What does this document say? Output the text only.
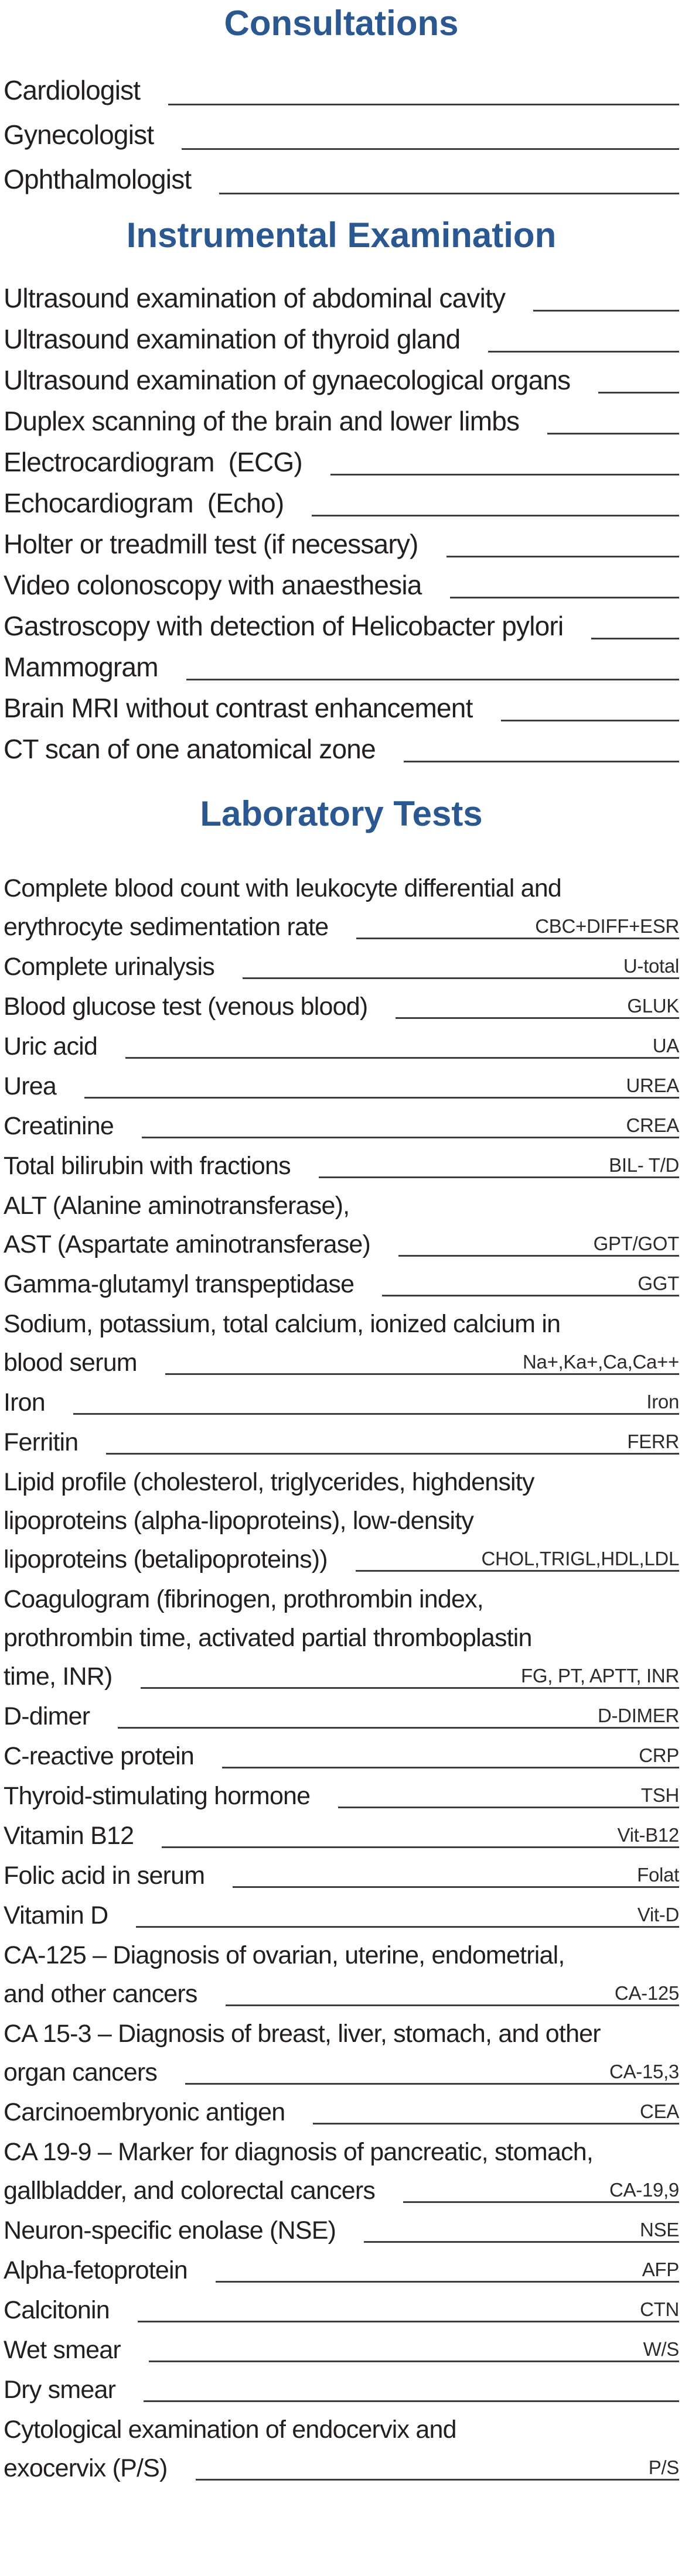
Consultations
Cardiologist
Gynecologist
Ophthalmologist
Instrumental Examination
Ultrasound examination of abdominal cavity
Ultrasound examination of thyroid gland
Ultrasound examination of gynaecological organs
Duplex scanning of the brain and lower limbs
Electrocardiogram  (ECG)
Echocardiogram  (Echo)
Holter or treadmill test (if necessary)
Video colonoscopy with anaesthesia
Gastroscopy with detection of Helicobacter pylori
Mammogram
Brain MRI without contrast enhancement
CT scan of one anatomical zone
Laboratory Tests
Complete blood count with leukocyte differential and
erythrocyte sedimentation rate	CBC+DIFF+ESR
Complete urinalysis	U-total
Blood glucose test (venous blood)	GLUK
Uric acid	UA
Urea	UREA
Creatinine	CREA
Total bilirubin with fractions	BIL- T/D
ALT (Alanine aminotransferase),
AST (Aspartate aminotransferase)	GPT/GOT
Gamma-glutamyl transpeptidase	GGT
Sodium, potassium, total calcium, ionized calcium in
blood serum	Na+,Ka+,Ca,Ca++
Iron	Iron
Ferritin	FERR
Lipid profile (cholesterol, triglycerides, highdensity
lipoproteins (alpha-lipoproteins), low-density
lipoproteins (betalipoproteins))	CHOL,TRIGL,HDL,LDL
Coagulogram (fibrinogen, prothrombin index,
prothrombin time, activated partial thromboplastin
time, INR)	FG, PT, APTT, INR
D-dimer	D-DIMER
C-reactive protein	CRP
Thyroid-stimulating hormone	TSH
Vitamin B12	Vit-B12
Folic acid in serum	Folat
Vitamin D	Vit-D
CA-125 – Diagnosis of ovarian, uterine, endometrial,
and other cancers	CA-125
CA 15-3 – Diagnosis of breast, liver, stomach, and other
organ cancers	CA-15,3
Carcinoembryonic antigen	CEA
CA 19-9 – Marker for diagnosis of pancreatic, stomach,
gallbladder, and colorectal cancers	CA-19,9
Neuron-specific enolase (NSE)	NSE
Alpha-fetoprotein	AFP
Calcitonin	CTN
Wet smear	W/S
Dry smear
Cytological examination of endocervix and
exocervix (P/S)	P/S
